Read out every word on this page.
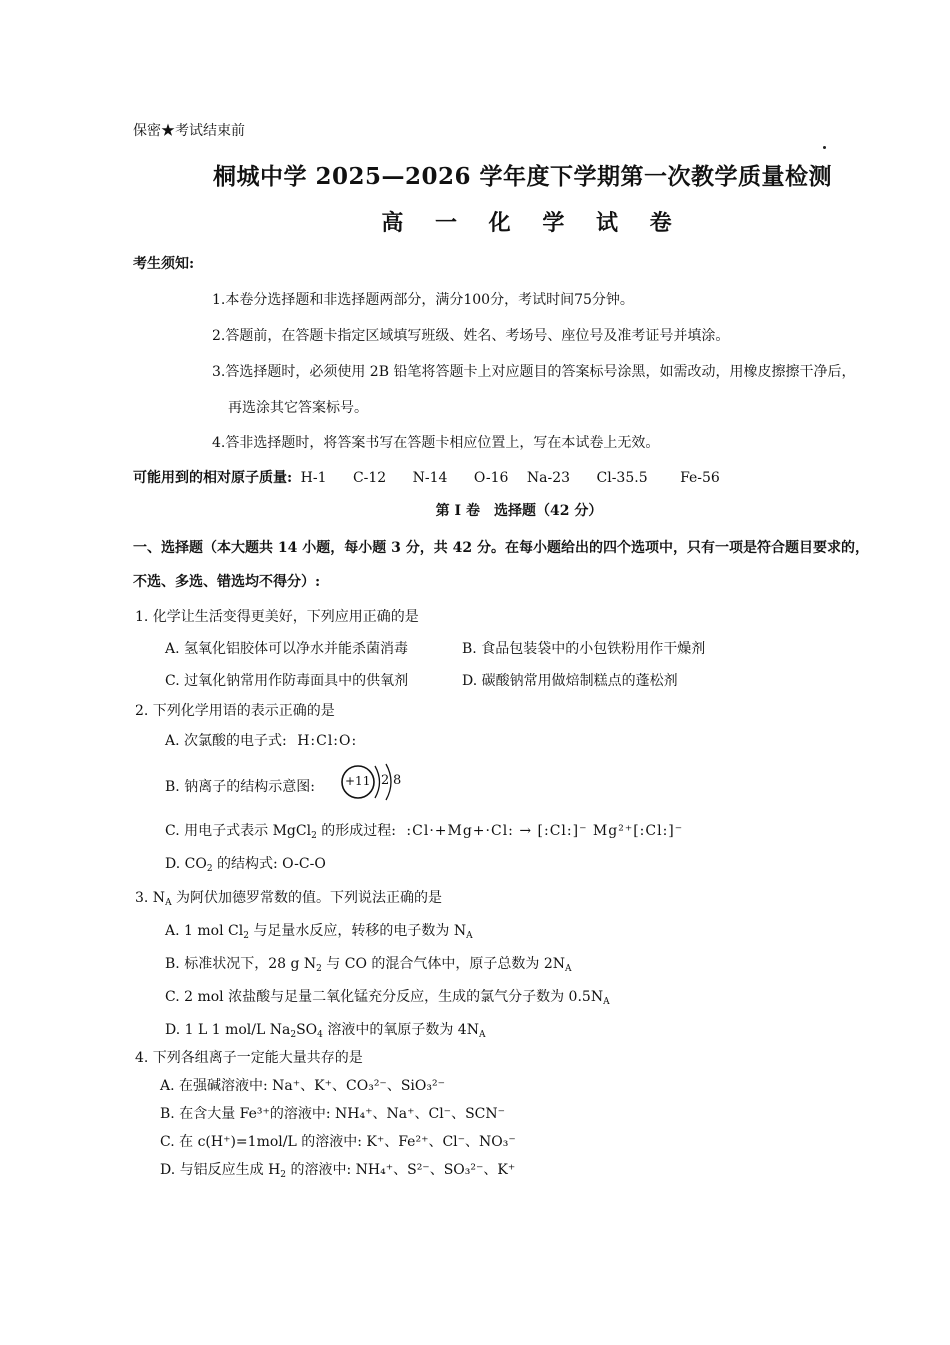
保密★考试结束前
桐城中学 2025—2026 学年度下学期第一次教学质量检测
高 一 化 学 试 卷
考生须知:
1.本卷分选择题和非选择题两部分，满分100分，考试时间75分钟。
2.答题前，在答题卡指定区域填写班级、姓名、考场号、座位号及准考证号并填涂。
3.答选择题时，必须使用 2B 铅笔将答题卡上对应题目的答案标号涂黑，如需改动，用橡皮擦擦干净后，
再选涂其它答案标号。
4.答非选择题时，将答案书写在答题卡相应位置上，写在本试卷上无效。
可能用到的相对原子质量: H-1 C-12 N-14 O-16 Na-23 Cl-35.5 Fe-56
第 I 卷　选择题（42 分）
一、选择题（本大题共 14 小题，每小题 3 分，共 42 分。在每小题给出的四个选项中，只有一项是符合题目要求的，
不选、多选、错选均不得分）:
1. 化学让生活变得更美好，下列应用正确的是
A. 氢氧化铝胶体可以净水并能杀菌消毒	B. 食品包装袋中的小包铁粉用作干燥剂
C. 过氧化钠常用作防毒面具中的供氧剂	D. 碳酸钠常用做焙制糕点的蓬松剂
2. 下列化学用语的表示正确的是
A. 次氯酸的电子式: H:Cl:O:
B. 钠离子的结构示意图:	+11 2 8
C. 用电子式表示 MgCl$_2$ 的形成过程: :Cl·+Mg+·Cl: → [:Cl:]⁻ Mg²⁺[:Cl:]⁻
D. $CO_2$ 的结构式: O-C-O
3. $N_A$ 为阿伏加德罗常数的值。下列说法正确的是
A. 1 mol $Cl_2$ 与足量水反应，转移的电子数为 $N_A$
B. 标准状况下，28 g $N_2$ 与 CO 的混合气体中，原子总数为 $2N_A$
C. 2 mol 浓盐酸与足量二氧化锰充分反应，生成的氯气分子数为 $0.5N_A$
D. 1 L 1 mol/L $Na_2SO_4$ 溶液中的氧原子数为 $4N_A$
4. 下列各组离子一定能大量共存的是
A. 在强碱溶液中: Na⁺、K⁺、CO₃²⁻、SiO₃²⁻
B. 在含大量 Fe³⁺的溶液中: NH₄⁺、Na⁺、Cl⁻、SCN⁻
C. 在 c(H⁺)=1mol/L 的溶液中: K⁺、Fe²⁺、Cl⁻、NO₃⁻
D. 与铝反应生成 $H_2$ 的溶液中: NH₄⁺、S²⁻、SO₃²⁻、K⁺
